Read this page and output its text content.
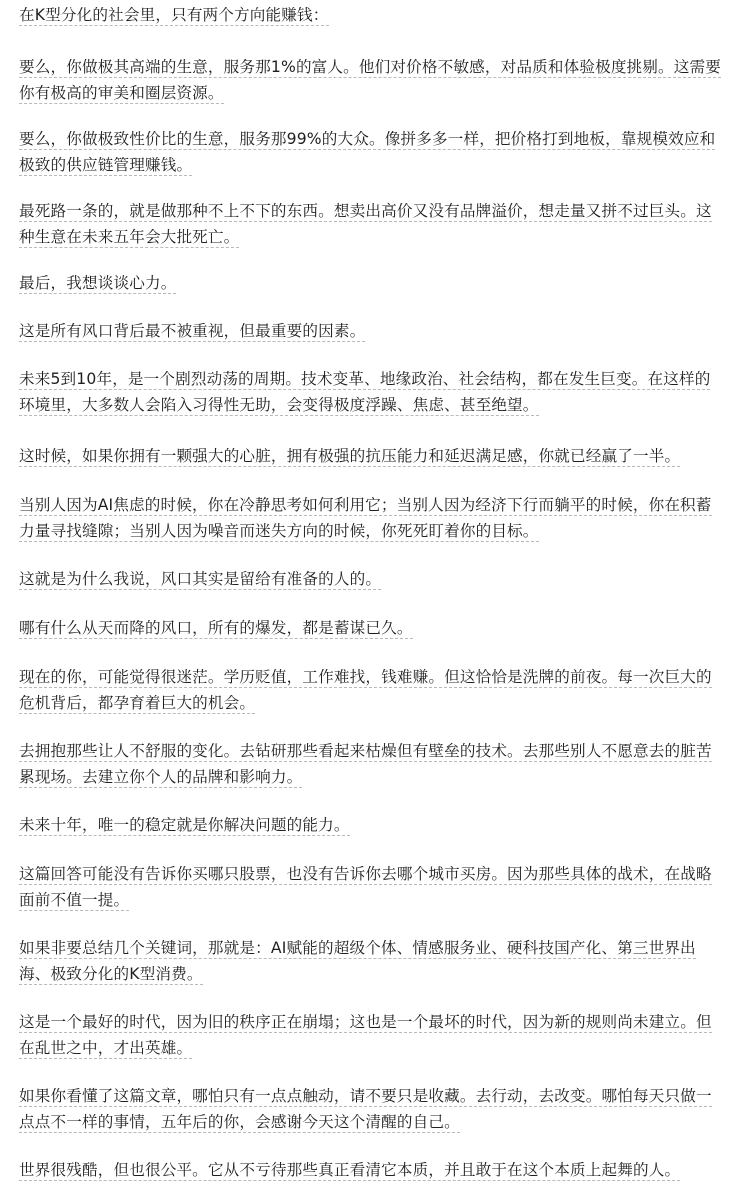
在K型分化的社会里，只有两个方向能赚钱：

要么，你做极其高端的生意，服务那1%的富人。他们对价格不敏感，对品质和体验极度挑剔。这需要你有极高的审美和圈层资源。

要么，你做极致性价比的生意，服务那99%的大众。像拼多多一样，把价格打到地板，靠规模效应和极致的供应链管理赚钱。

最死路一条的，就是做那种不上不下的东西。想卖出高价又没有品牌溢价，想走量又拼不过巨头。这种生意在未来五年会大批死亡。

最后，我想谈谈心力。

这是所有风口背后最不被重视，但最重要的因素。

未来5到10年，是一个剧烈动荡的周期。技术变革、地缘政治、社会结构，都在发生巨变。在这样的环境里，大多数人会陷入习得性无助，会变得极度浮躁、焦虑、甚至绝望。

这时候，如果你拥有一颗强大的心脏，拥有极强的抗压能力和延迟满足感，你就已经赢了一半。

当别人因为AI焦虑的时候，你在冷静思考如何利用它；当别人因为经济下行而躺平的时候，你在积蓄力量寻找缝隙；当别人因为噪音而迷失方向的时候，你死死盯着你的目标。

这就是为什么我说，风口其实是留给有准备的人的。

哪有什么从天而降的风口，所有的爆发，都是蓄谋已久。

现在的你，可能觉得很迷茫。学历贬值，工作难找，钱难赚。但这恰恰是洗牌的前夜。每一次巨大的危机背后，都孕育着巨大的机会。

去拥抱那些让人不舒服的变化。去钻研那些看起来枯燥但有壁垒的技术。去那些别人不愿意去的脏苦累现场。去建立你个人的品牌和影响力。

未来十年，唯一的稳定就是你解决问题的能力。

这篇回答可能没有告诉你买哪只股票，也没有告诉你去哪个城市买房。因为那些具体的战术，在战略面前不值一提。

如果非要总结几个关键词，那就是：AI赋能的超级个体、情感服务业、硬科技国产化、第三世界出海、极致分化的K型消费。

这是一个最好的时代，因为旧的秩序正在崩塌；这也是一个最坏的时代，因为新的规则尚未建立。但在乱世之中，才出英雄。

如果你看懂了这篇文章，哪怕只有一点点触动，请不要只是收藏。去行动，去改变。哪怕每天只做一点点不一样的事情，五年后的你，会感谢今天这个清醒的自己。

世界很残酷，但也很公平。它从不亏待那些真正看清它本质，并且敢于在这个本质上起舞的人。
